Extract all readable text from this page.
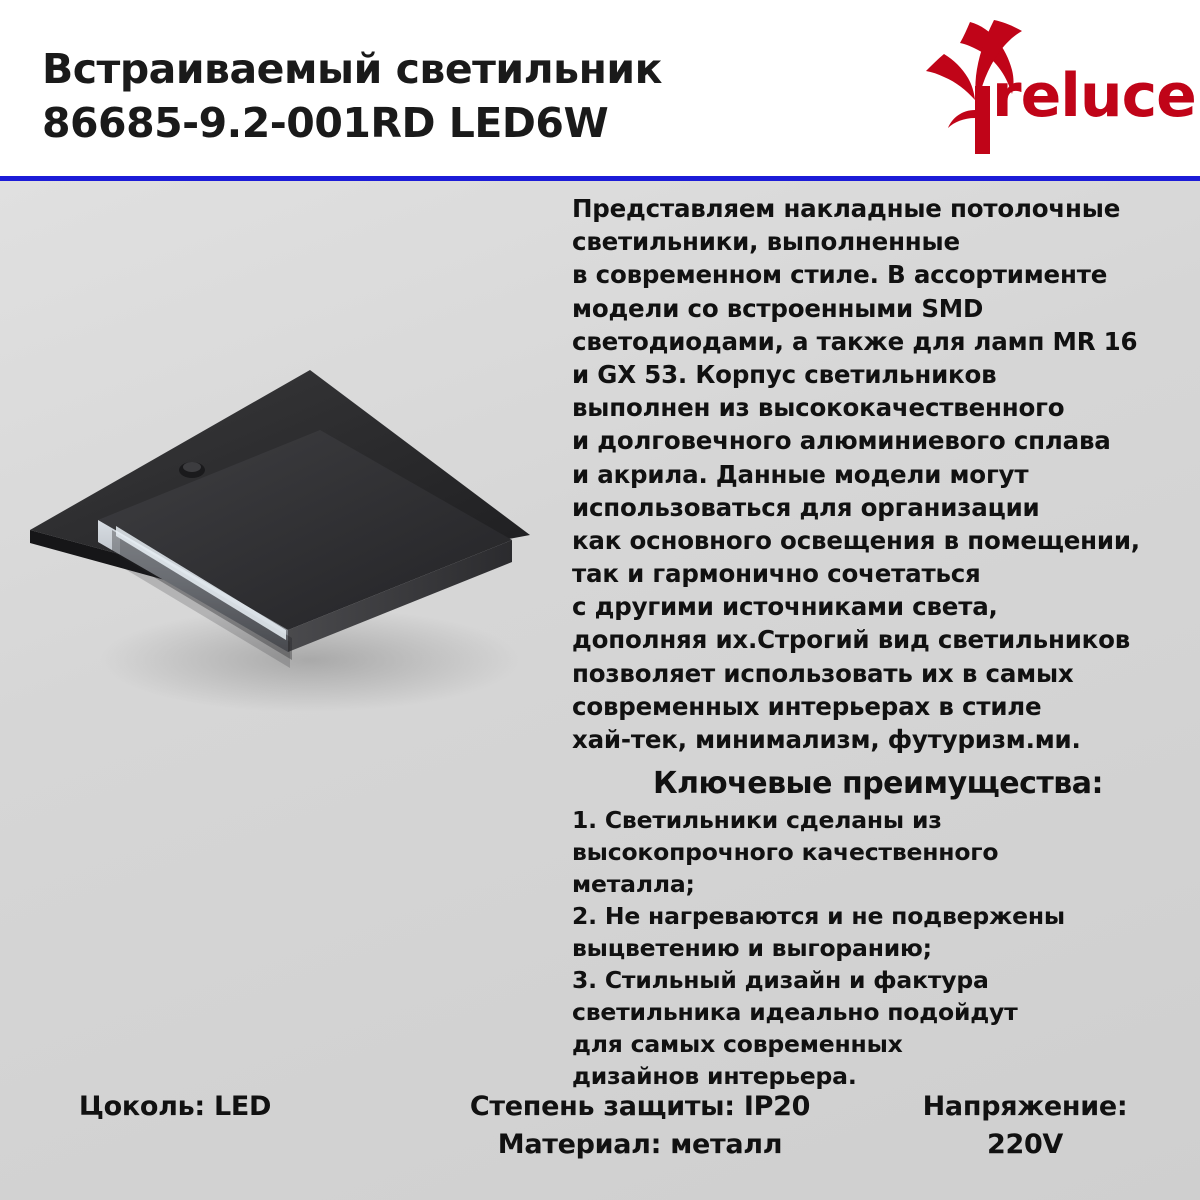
Встраиваемый светильник
86685-9.2-001RD LED6W	reluce

Представляем накладные потолочные

светильники, выполненные

в современном стиле. В ассортименте

модели со встроенными SMD

светодиодами, а также для ламп MR 16

и GX 53. Корпус светильников

выполнен из высококачественного

и долговечного алюминиевого сплава

и акрила. Данные модели могут

использоваться для организации

как основного освещения в помещении,

так и гармонично сочетаться

с другими источниками света,

дополняя их.Строгий вид светильников

позволяет использовать их в самых

современных интерьерах в стиле

хай-тек, минимализм, футуризм.ми.

Ключевые преимущества:

1. Светильники сделаны из

высокопрочного качественного

металла;

2. Не нагреваются и не подвержены

выцветению и выгоранию;

3. Стильный дизайн и фактура

светильника идеально подойдут

для самых современных

дизайнов интерьера.

Цоколь: LED	Степень защиты: IP20
Материал: металл
Напряжение:
220V
